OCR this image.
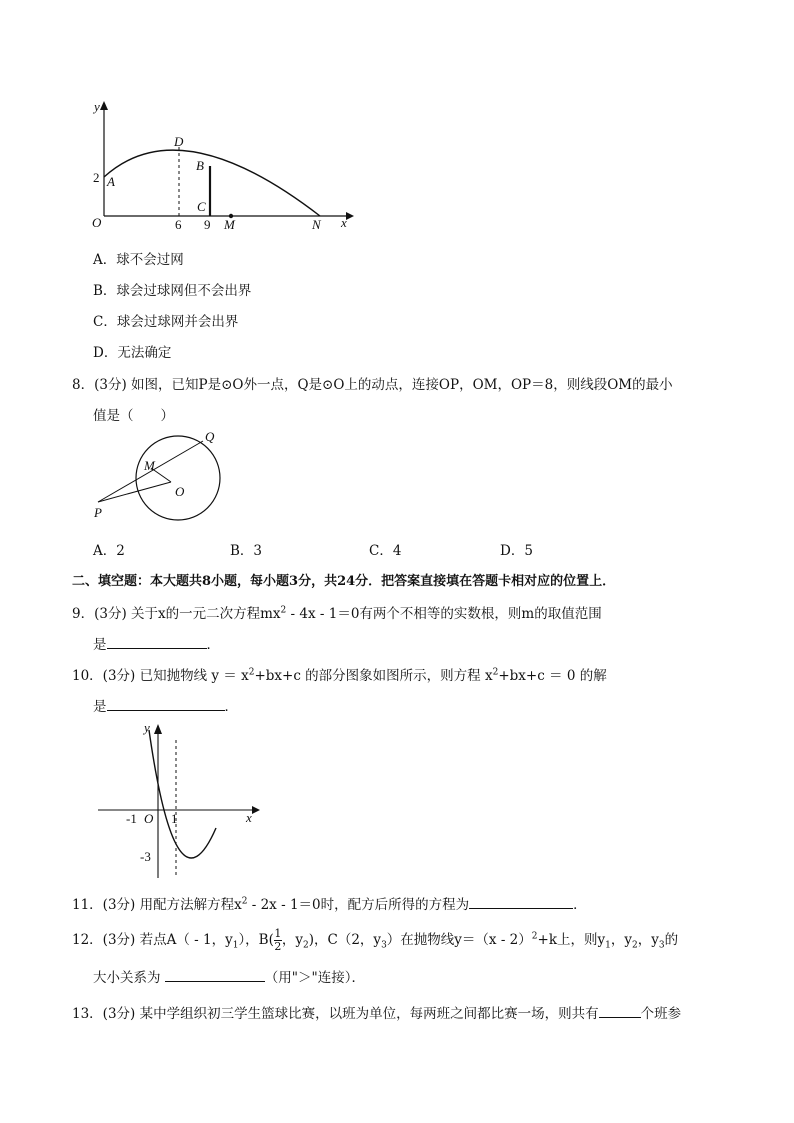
y
x
O
D
2 A
B
C
6 9 M	N
A．球不会过网
B．球会过球网但不会出界
C．球会过球网并会出界
D．无法确定
8．(3分) 如图，已知P是⊙O外一点，Q是⊙O上的动点，连接OP，OM，OP＝8，则线段OM的最小
值是（　　）
Q
M
O
P
A．2	B．3	C．4	D．5
二、填空题：本大题共8小题，每小题3分，共24分．把答案直接填在答题卡相对应的位置上．
9．(3分) 关于x的一元二次方程$mx^2 - 4x - 1=0$有两个不相等的实数根，则m的取值范围
是	．
10．(3分) 已知抛物线 $y = x^2+bx+c$ 的部分图象如图所示，则方程 $x^2+bx+c = 0$ 的解
是	．
y
x
-1 O 1
-3
11．(3分) 用配方法解方程$x^2 - 2x - 1=0$时，配方后所得的方程为	．
12．(3分) 若点A（ - 1，$y_1$），$B( \frac{1}{2}$ ，$y_2$)，C（2，$y_3$）在抛物线y＝（x - 2）$^2$+k上，则$y_1$，$y_2$，$y_3$的
大小关系为	（用"＞"连接）．
13．(3分) 某中学组织初三学生篮球比赛，以班为单位，每两班之间都比赛一场，则共有	个班参
